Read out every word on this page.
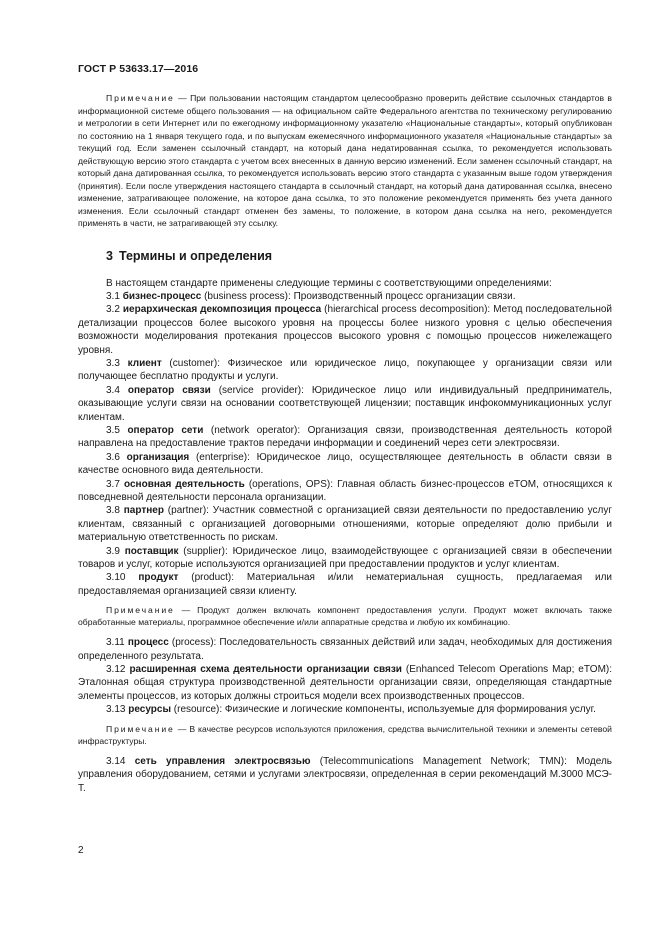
ГОСТ Р 53633.17—2016

Примечание — При пользовании настоящим стандартом целесообразно проверить действие ссылочных стандартов в информационной системе общего пользования — на официальном сайте Федерального агентства по техническому регулированию и метрологии в сети Интернет или по ежегодному информационному указателю «Национальные стандарты», который опубликован по состоянию на 1 января текущего года, и по выпускам ежемесячного информационного указателя «Национальные стандарты» за текущий год. Если заменен ссылочный стандарт, на который дана недатированная ссылка, то рекомендуется использовать действующую версию этого стандарта с учетом всех внесенных в данную версию изменений. Если заменен ссылочный стандарт, на который дана датированная ссылка, то рекомендуется использовать версию этого стандарта с указанным выше годом утверждения (принятия). Если после утверждения настоящего стандарта в ссылочный стандарт, на который дана датированная ссылка, внесено изменение, затрагивающее положение, на которое дана ссылка, то это положение рекомендуется применять без учета данного изменения. Если ссылочный стандарт отменен без замены, то положение, в котором дана ссылка на него, рекомендуется применять в части, не затрагивающей эту ссылку.

3 Термины и определения

В настоящем стандарте применены следующие термины с соответствующими определениями:

3.1 бизнес-процесс (business process): Производственный процесс организации связи.

3.2 иерархическая декомпозиция процесса (hierarchical process decomposition): Метод последовательной детализации процессов более высокого уровня на процессы более низкого уровня с целью обеспечения возможности моделирования протекания процессов высокого уровня с помощью процессов нижележащего уровня.

3.3 клиент (customer): Физическое или юридическое лицо, покупающее у организации связи или получающее бесплатно продукты и услуги.

3.4 оператор связи (service provider): Юридическое лицо или индивидуальный предприниматель, оказывающие услуги связи на основании соответствующей лицензии; поставщик инфокоммуникационных услуг клиентам.

3.5 оператор сети (network operator): Организация связи, производственная деятельность которой направлена на предоставление трактов передачи информации и соединений через сети электросвязи.

3.6 организация (enterprise): Юридическое лицо, осуществляющее деятельность в области связи в качестве основного вида деятельности.

3.7 основная деятельность (operations, OPS): Главная область бизнес-процессов eTOM, относящихся к повседневной деятельности персонала организации.

3.8 партнер (partner): Участник совместной с организацией связи деятельности по предоставлению услуг клиентам, связанный с организацией договорными отношениями, которые определяют долю прибыли и материальную ответственность по рискам.

3.9 поставщик (supplier): Юридическое лицо, взаимодействующее с организацией связи в обеспечении товаров и услуг, которые используются организацией при предоставлении продуктов и услуг клиентам.

3.10 продукт (product): Материальная и/или нематериальная сущность, предлагаемая или предоставляемая организацией связи клиенту.

Примечание — Продукт должен включать компонент предоставления услуги. Продукт может включать также обработанные материалы, программное обеспечение и/или аппаратные средства и любую их комбинацию.

3.11 процесс (process): Последовательность связанных действий или задач, необходимых для достижения определенного результата.

3.12 расширенная схема деятельности организации связи (Enhanced Telecom Operations Map; eTOM): Эталонная общая структура производственной деятельности организации связи, определяющая стандартные элементы процессов, из которых должны строиться модели всех производственных процессов.

3.13 ресурсы (resource): Физические и логические компоненты, используемые для формирования услуг.

Примечание — В качестве ресурсов используются приложения, средства вычислительной техники и элементы сетевой инфраструктуры.

3.14 сеть управления электросвязью (Telecommunications Management Network; TMN): Модель управления оборудованием, сетями и услугами электросвязи, определенная в серии рекомендаций М.3000 МСЭ-Т.

2
